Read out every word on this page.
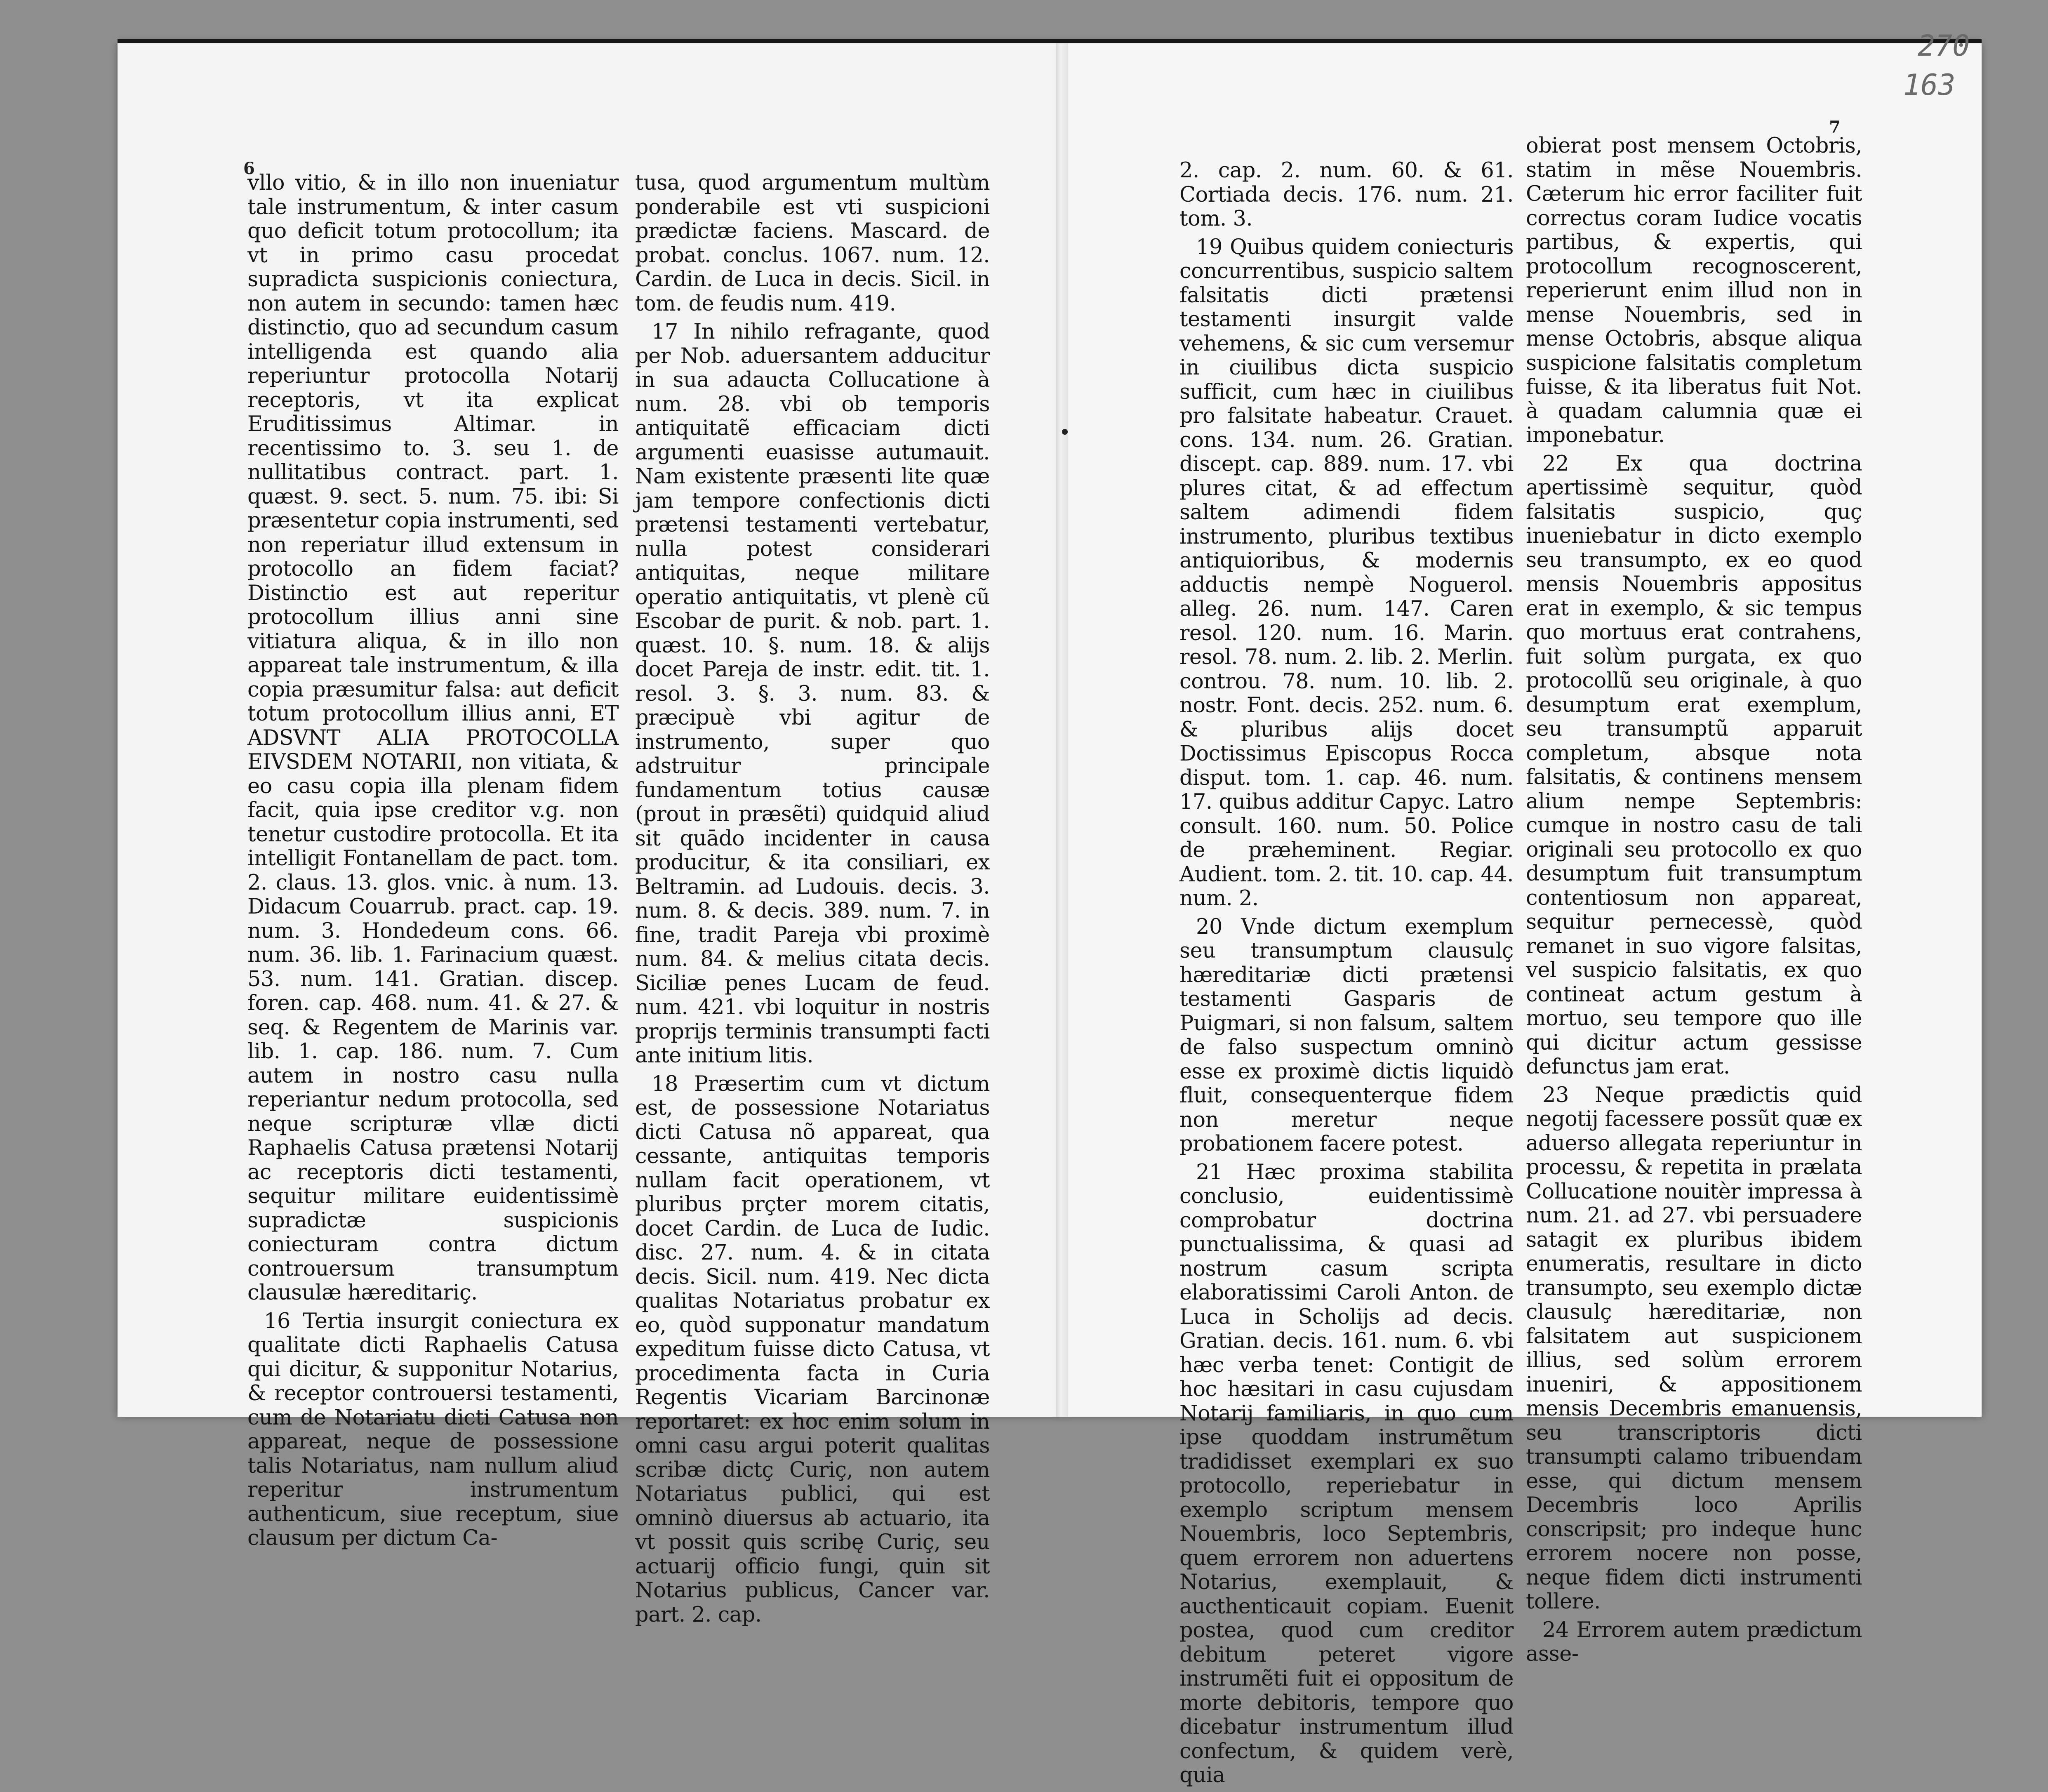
270
163
6
7

vllo vitio, & in illo non inueniatur tale instrumentum, & inter casum quo deficit totum protocollum; ita vt in primo casu procedat supradicta suspicionis coniectura, non autem in secundo: tamen hæc distinctio, quo ad secundum casum intelligenda est quando alia reperiuntur protocolla Notarij receptoris, vt ita explicat Eruditissimus Altimar. in recentissimo to. 3. seu 1. de nullitatibus contract. part. 1. quæst. 9. sect. 5. num. 75. ibi: Si præsentetur copia instrumenti, sed non reperiatur illud extensum in protocollo an fidem faciat? Distinctio est aut reperitur protocollum illius anni sine vitiatura aliqua, & in illo non appareat tale instrumentum, & illa copia præsumitur falsa: aut deficit totum protocollum illius anni, ET ADSVNT ALIA PROTOCOLLA EIVSDEM NOTARII, non vitiata, & eo casu copia illa plenam fidem facit, quia ipse creditor v.g. non tenetur custodire protocolla. Et ita intelligit Fontanellam de pact. tom. 2. claus. 13. glos. vnic. à num. 13. Didacum Couarrub. pract. cap. 19. num. 3. Hondedeum cons. 66. num. 36. lib. 1. Farinacium quæst. 53. num. 141. Gratian. discep. foren. cap. 468. num. 41. & 27. & seq. & Regentem de Marinis var. lib. 1. cap. 186. num. 7. Cum autem in nostro casu nulla reperiantur nedum protocolla, sed neque scripturæ vllæ dicti Raphaelis Catusa prætensi Notarij ac receptoris dicti testamenti, sequitur militare euidentissimè supradictæ suspicionis coniecturam contra dictum controuersum transumptum clausulæ hæreditariç.

16 Tertia insurgit coniectura ex qualitate dicti Raphaelis Catusa qui dicitur, & supponitur Notarius, & receptor controuersi testamenti, cum de Notariatu dicti Catusa non appareat, neque de possessione talis Notariatus, nam nullum aliud reperitur instrumentum authenticum, siue receptum, siue clausum per dictum Ca-

tusa, quod argumentum multùm ponderabile est vti suspicioni prædictæ faciens. Mascard. de probat. conclus. 1067. num. 12. Cardin. de Luca in decis. Sicil. in tom. de feudis num. 419.

17 In nihilo refragante, quod per Nob. aduersantem adducitur in sua adaucta Collucatione à num. 28. vbi ob temporis antiquitatẽ efficaciam dicti argumenti euasisse autumauit. Nam existente præsenti lite quæ jam tempore confectionis dicti prætensi testamenti vertebatur, nulla potest considerari antiquitas, neque militare operatio antiquitatis, vt plenè cũ Escobar de purit. & nob. part. 1. quæst. 10. §. num. 18. & alijs docet Pareja de instr. edit. tit. 1. resol. 3. §. 3. num. 83. & præcipuè vbi agitur de instrumento, super quo adstruitur principale fundamentum totius causæ (prout in præsẽti) quidquid aliud sit quādo incidenter in causa producitur, & ita consiliari, ex Beltramin. ad Ludouis. decis. 3. num. 8. & decis. 389. num. 7. in fine, tradit Pareja vbi proximè num. 84. & melius citata decis. Siciliæ penes Lucam de feud. num. 421. vbi loquitur in nostris proprijs terminis transumpti facti ante initium litis.

18 Præsertim cum vt dictum est, de possessione Notariatus dicti Catusa nõ appareat, qua cessante, antiquitas temporis nullam facit operationem, vt pluribus prçter morem citatis, docet Cardin. de Luca de Iudic. disc. 27. num. 4. & in citata decis. Sicil. num. 419. Nec dicta qualitas Notariatus probatur ex eo, quòd supponatur mandatum expeditum fuisse dicto Catusa, vt procedimenta facta in Curia Regentis Vicariam Barcinonæ reportaret: ex hoc enim solum in omni casu argui poterit qualitas scribæ dictç Curiç, non autem Notariatus publici, qui est omninò diuersus ab actuario, ita vt possit quis scribę Curiç, seu actuarij officio fungi, quin sit Notarius publicus, Cancer var. part. 2. cap.

2. cap. 2. num. 60. & 61. Cortiada decis. 176. num. 21. tom. 3.

19 Quibus quidem coniecturis concurrentibus, suspicio saltem falsitatis dicti prætensi testamenti insurgit valde vehemens, & sic cum versemur in ciuilibus dicta suspicio sufficit, cum hæc in ciuilibus pro falsitate habeatur. Crauet. cons. 134. num. 26. Gratian. discept. cap. 889. num. 17. vbi plures citat, & ad effectum saltem adimendi fidem instrumento, pluribus textibus antiquioribus, & modernis adductis nempè Noguerol. alleg. 26. num. 147. Caren resol. 120. num. 16. Marin. resol. 78. num. 2. lib. 2. Merlin. controu. 78. num. 10. lib. 2. nostr. Font. decis. 252. num. 6. & pluribus alijs docet Doctissimus Episcopus Rocca disput. tom. 1. cap. 46. num. 17. quibus additur Capyc. Latro consult. 160. num. 50. Police de præheminent. Regiar. Audient. tom. 2. tit. 10. cap. 44. num. 2.

20 Vnde dictum exemplum seu transumptum clausulç hæreditariæ dicti prætensi testamenti Gasparis de Puigmari, si non falsum, saltem de falso suspectum omninò esse ex proximè dictis liquidò fluit, consequenterque fidem non meretur neque probationem facere potest.

21 Hæc proxima stabilita conclusio, euidentissimè comprobatur doctrina punctualissima, & quasi ad nostrum casum scripta elaboratissimi Caroli Anton. de Luca in Scholijs ad decis. Gratian. decis. 161. num. 6. vbi hæc verba tenet: Contigit de hoc hæsitari in casu cujusdam Notarij familiaris, in quo cum ipse quoddam instrumẽtum tradidisset exemplari ex suo protocollo, reperiebatur in exemplo scriptum mensem Nouembris, loco Septembris, quem errorem non aduertens Notarius, exemplauit, & aucthenticauit copiam. Euenit postea, quod cum creditor debitum peteret vigore instrumẽti fuit ei oppositum de morte debitoris, tempore quo dicebatur instrumentum illud confectum, & quidem verè, quia

obierat post mensem Octobris, statim in mẽse Nouembris. Cæterum hic error faciliter fuit correctus coram Iudice vocatis partibus, & expertis, qui protocollum recognoscerent, reperierunt enim illud non in mense Nouembris, sed in mense Octobris, absque aliqua suspicione falsitatis completum fuisse, & ita liberatus fuit Not. à quadam calumnia quæ ei imponebatur.

22 Ex qua doctrina apertissimè sequitur, quòd falsitatis suspicio, quç inueniebatur in dicto exemplo seu transumpto, ex eo quod mensis Nouembris appositus erat in exemplo, & sic tempus quo mortuus erat contrahens, fuit solùm purgata, ex quo protocollũ seu originale, à quo desumptum erat exemplum, seu transumptũ apparuit completum, absque nota falsitatis, & continens mensem alium nempe Septembris: cumque in nostro casu de tali originali seu protocollo ex quo desumptum fuit transumptum contentiosum non appareat, sequitur pernecessè, quòd remanet in suo vigore falsitas, vel suspicio falsitatis, ex quo contineat actum gestum à mortuo, seu tempore quo ille qui dicitur actum gessisse defunctus jam erat.

23 Neque prædictis quid negotij facessere possũt quæ ex aduerso allegata reperiuntur in processu, & repetita in prælata Collucatione nouitèr impressa à num. 21. ad 27. vbi persuadere satagit ex pluribus ibidem enumeratis, resultare in dicto transumpto, seu exemplo dictæ clausulç hæreditariæ, non falsitatem aut suspicionem illius, sed solùm errorem inueniri, & appositionem mensis Decembris emanuensis, seu transcriptoris dicti transumpti calamo tribuendam esse, qui dictum mensem Decembris loco Aprilis conscripsit; pro indeque hunc errorem nocere non posse, neque fidem dicti instrumenti tollere.

24 Errorem autem prædictum asse-
